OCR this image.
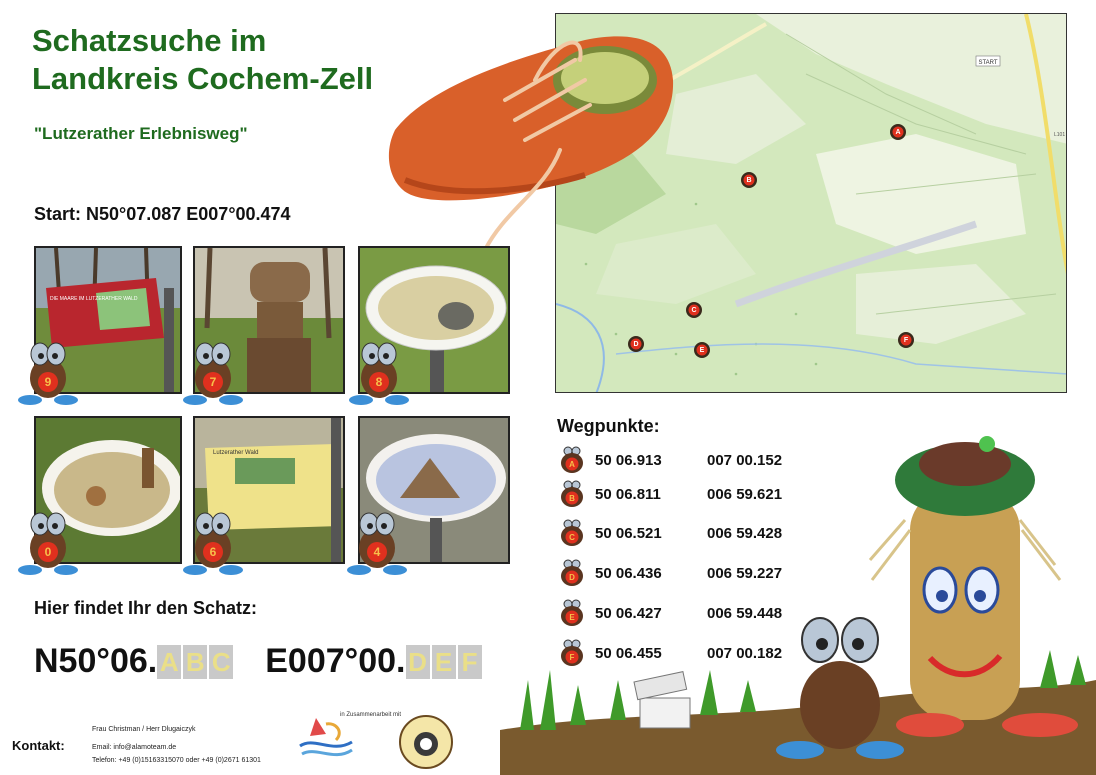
Schatzsuche im
Landkreis Cochem-Zell
"Lutzerather Erlebnisweg"
Start: N50°07.087 E007°00.474
START
L101
A
B
C
D
E
F
DIE MAARE IM LUTZERATHER WALD
Lutzerather Wald
9	7	8
0	6	4
Wegpunkte:
A 50 06.913	007 00.152
B 50 06.811	006 59.621
C 50 06.521	006 59.428
D 50 06.436	006 59.227
E 50 06.427	006 59.448
F 50 06.455	007 00.182
Hier findet Ihr den Schatz:
N50°06. A B C E007°00. D E F
Kontakt:
Frau Christman / Herr Dlugaiczyk
Email: info@alamoteam.de
Telefon: +49 (0)15163315070 oder +49 (0)2671 61301
in Zusammenarbeit mit
